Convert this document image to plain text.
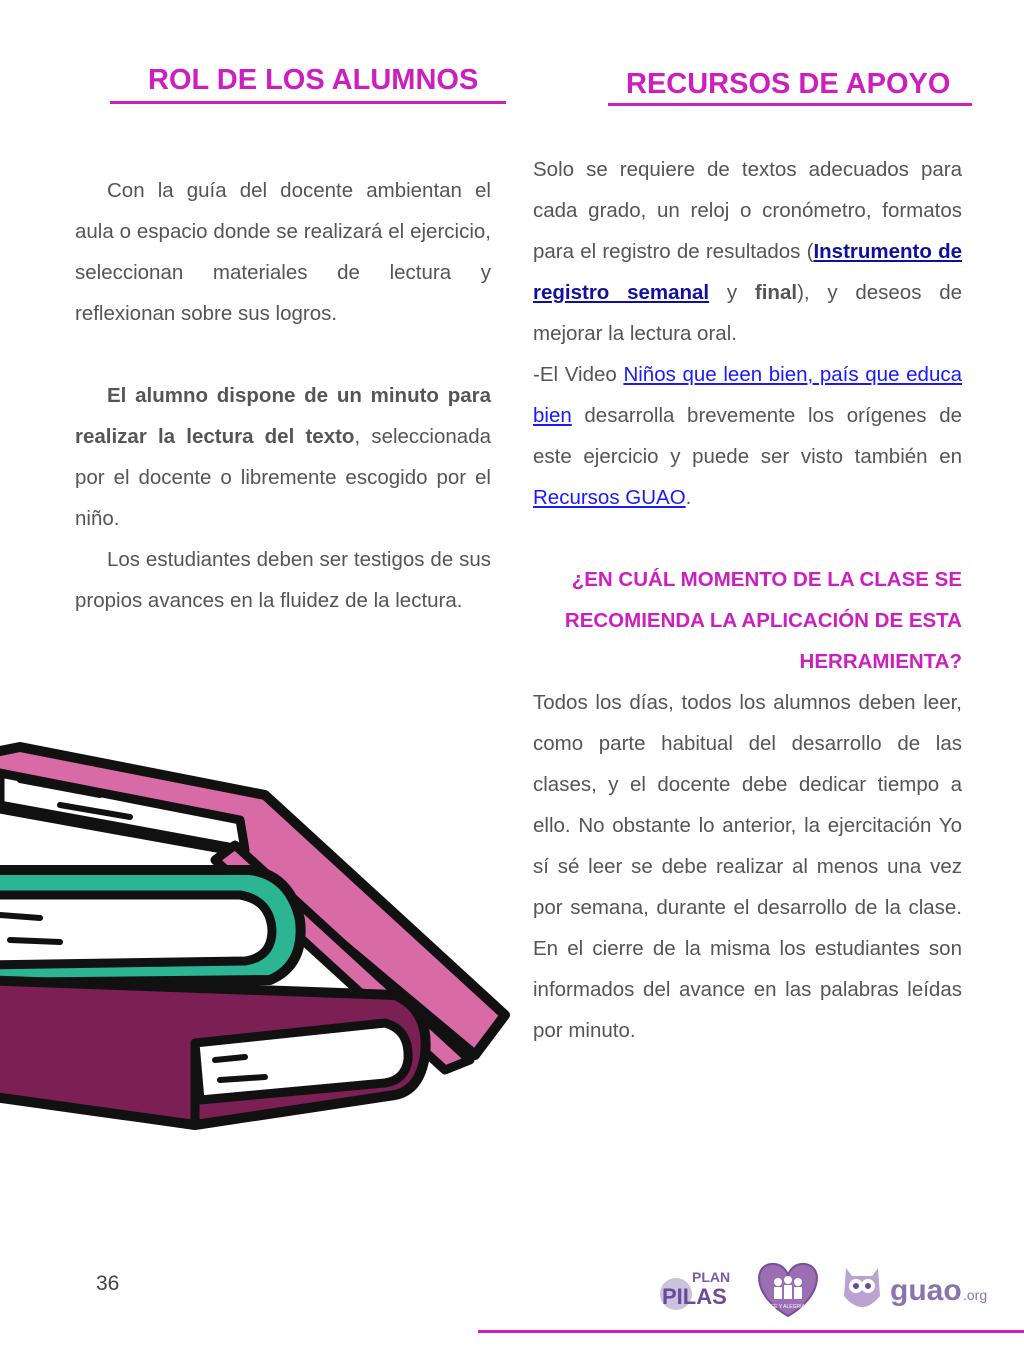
ROL DE LOS ALUMNOS

Con la guía del docente ambientan el aula o espacio donde se realizará el ejercicio, seleccionan materiales de lectura y reflexionan sobre sus logros.

El alumno dispone de un minuto para realizar la lectura del texto, seleccionada por el docente o libremente escogido por el niño.

Los estudiantes deben ser testigos de sus propios avances en la fluidez de la lectura.

RECURSOS DE APOYO

Solo se requiere de textos adecuados para cada grado, un reloj o cronómetro, formatos para el registro de resultados (Instrumento de registro semanal y final), y deseos de mejorar la lectura oral.

-El Video Niños que leen bien, país que educa bien desarrolla brevemente los orígenes de este ejercicio y puede ser visto también en Recursos GUAO.

¿EN CUÁL MOMENTO DE LA CLASE SE RECOMIENDA LA APLICACIÓN DE ESTA HERRAMIENTA?

Todos los días, todos los alumnos deben leer, como parte habitual del desarrollo de las clases, y el docente debe dedicar tiempo a ello. No obstante lo anterior, la ejercitación Yo sí sé leer se debe realizar al menos una vez por semana, durante el desarrollo de la clase. En el cierre de la misma los estudiantes son informados del avance en las palabras leídas por minuto.

36	PLAN
PILAS	FE Y ALEGRIA	guao .org
